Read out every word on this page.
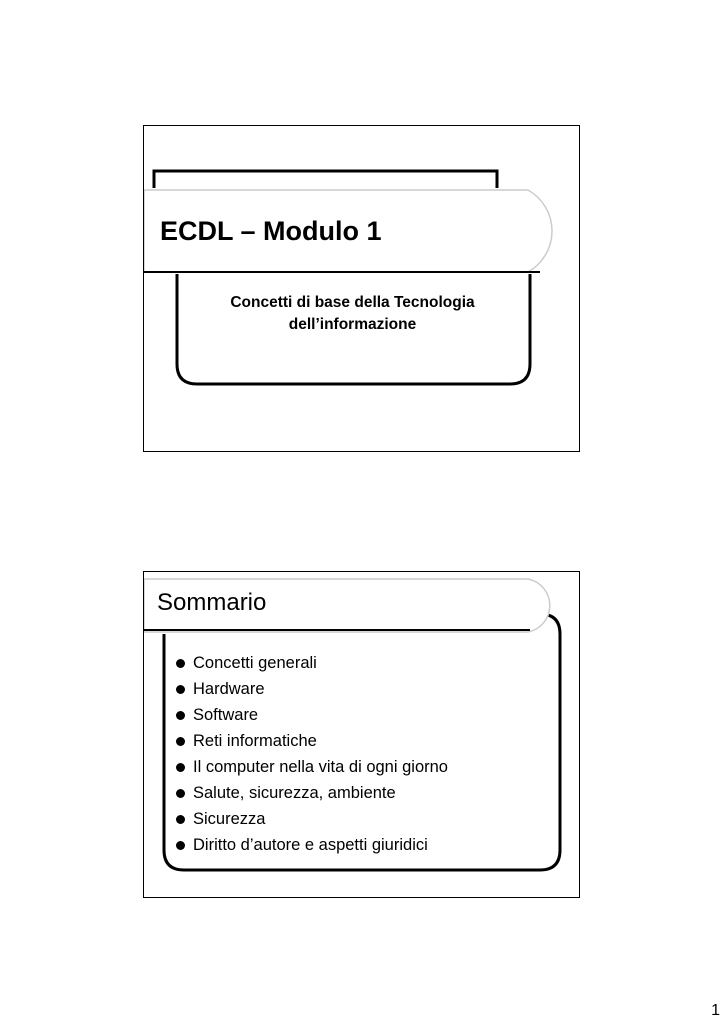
ECDL – Modulo 1
Concetti di base della Tecnologia
dell’informazione
Sommario
Concetti generali
Hardware
Software
Reti informatiche
Il computer nella vita di ogni giorno
Salute, sicurezza, ambiente
Sicurezza
Diritto d’autore e aspetti giuridici
1
